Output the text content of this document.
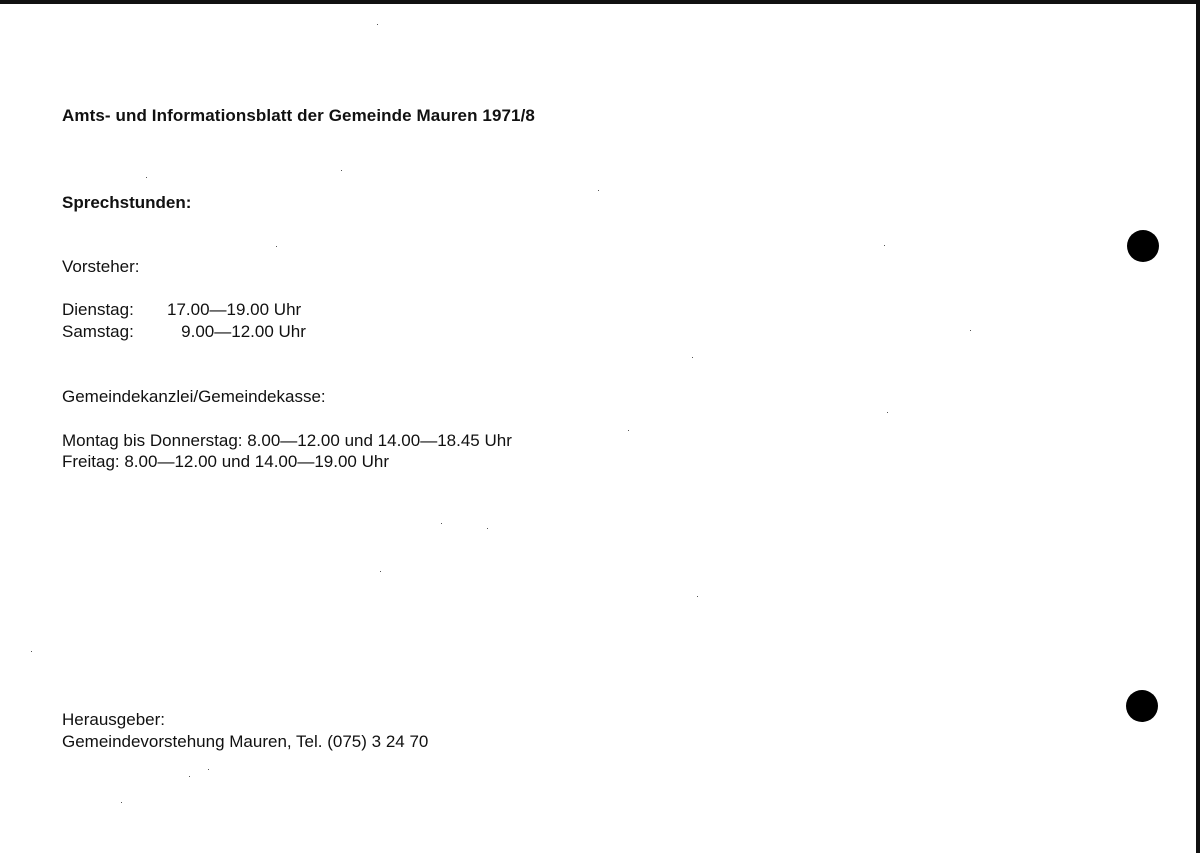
Amts- und Informationsblatt der Gemeinde Mauren 1971/8
Sprechstunden:
Vorsteher:
Dienstag: 17.00—19.00 Uhr
Samstag:  9.00—12.00 Uhr
Gemeindekanzlei/Gemeindekasse:
Montag bis Donnerstag: 8.00—12.00 und 14.00—18.45 Uhr
Freitag: 8.00—12.00 und 14.00—19.00 Uhr
Herausgeber:
Gemeindevorstehung Mauren, Tel. (075) 3 24 70
